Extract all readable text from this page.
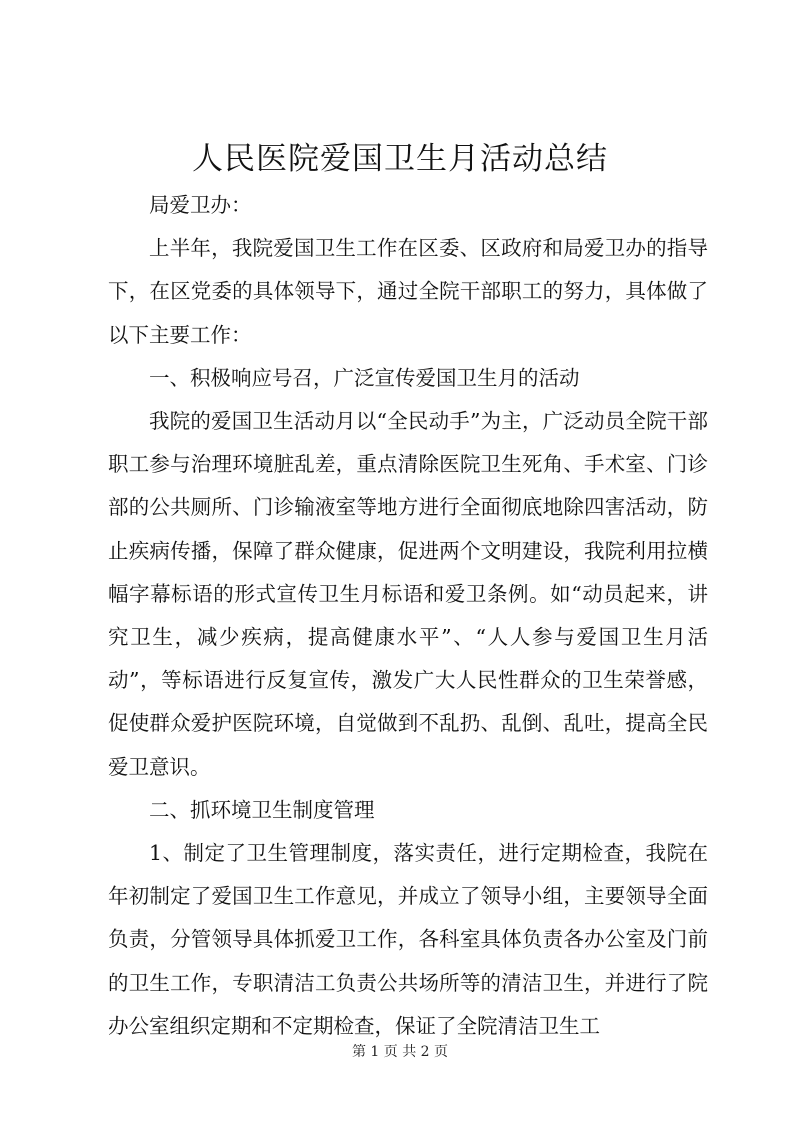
人民医院爱国卫生月活动总结

局爱卫办：

上半年，我院爱国卫生工作在区委、区政府和局爱卫办的指导下，在区党委的具体领导下，通过全院干部职工的努力，具体做了以下主要工作：

一、积极响应号召，广泛宣传爱国卫生月的活动

我院的爱国卫生活动月以“全民动手”为主，广泛动员全院干部职工参与治理环境脏乱差，重点清除医院卫生死角、手术室、门诊部的公共厕所、门诊输液室等地方进行全面彻底地除四害活动，防止疾病传播，保障了群众健康，促进两个文明建设，我院利用拉横幅字幕标语的形式宣传卫生月标语和爱卫条例。如“动员起来，讲究卫生，减少疾病，提高健康水平”、“人人参与爱国卫生月活动”，等标语进行反复宣传，激发广大人民性群众的卫生荣誉感，促使群众爱护医院环境，自觉做到不乱扔、乱倒、乱吐，提高全民爱卫意识。

二、抓环境卫生制度管理

1、制定了卫生管理制度，落实责任，进行定期检查，我院在年初制定了爱国卫生工作意见，并成立了领导小组，主要领导全面负责，分管领导具体抓爱卫工作，各科室具体负责各办公室及门前的卫生工作，专职清洁工负责公共场所等的清洁卫生，并进行了院办公室组织定期和不定期检查，保证了全院清洁卫生工

第 1 页 共 2 页
